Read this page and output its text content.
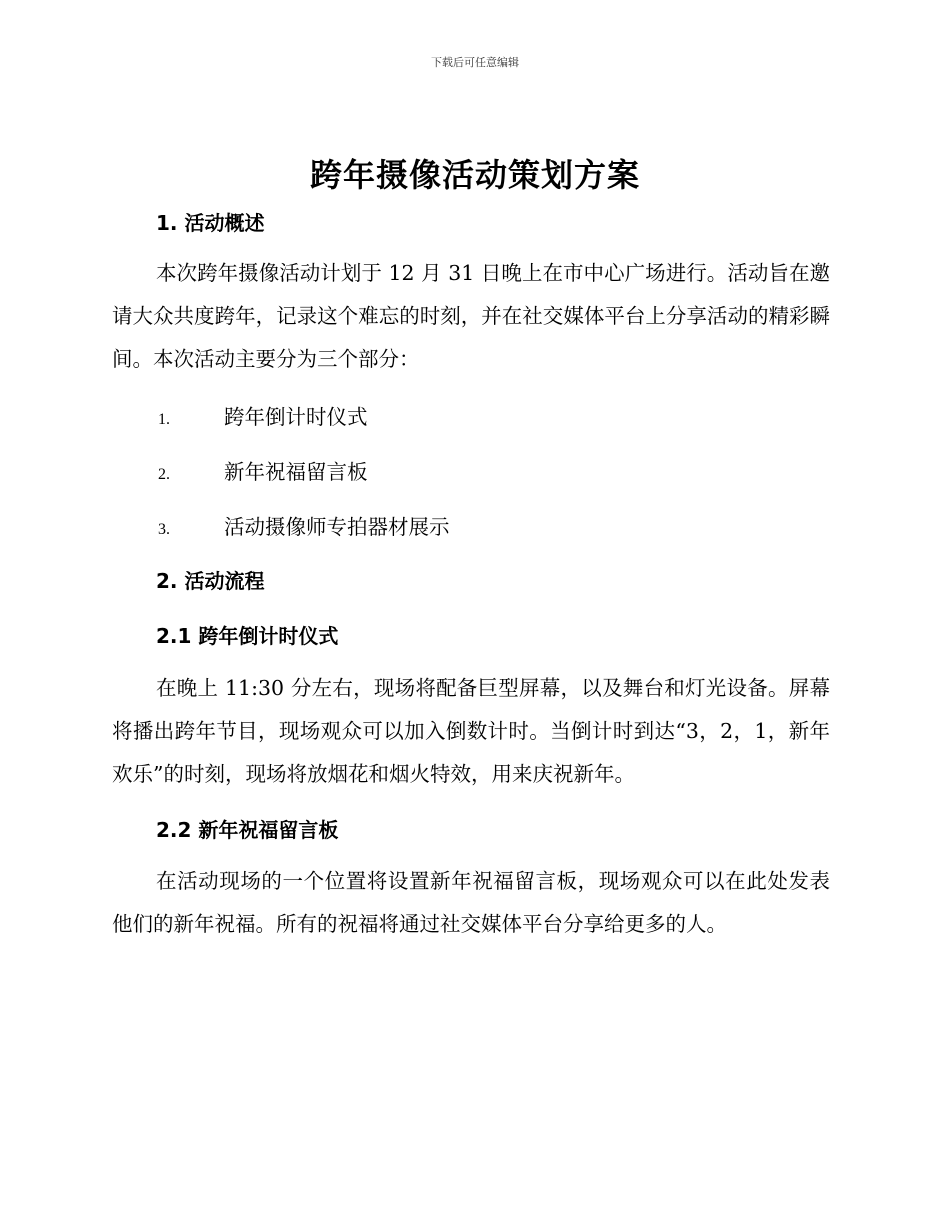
下载后可任意编辑
跨年摄像活动策划方案
1. 活动概述

本次跨年摄像活动计划于 12 月 31 日晚上在市中心广场进行。活动旨在邀请大众共度跨年，记录这个难忘的时刻，并在社交媒体平台上分享活动的精彩瞬间。本次活动主要分为三个部分：

1.	跨年倒计时仪式
2.	新年祝福留言板
3.	活动摄像师专拍器材展示
2. 活动流程
2.1 跨年倒计时仪式

在晚上 11:30 分左右，现场将配备巨型屏幕，以及舞台和灯光设备。屏幕将播出跨年节目，现场观众可以加入倒数计时。当倒计时到达“3，2，1，新年欢乐”的时刻，现场将放烟花和烟火特效，用来庆祝新年。

2.2 新年祝福留言板

在活动现场的一个位置将设置新年祝福留言板，现场观众可以在此处发表他们的新年祝福。所有的祝福将通过社交媒体平台分享给更多的人。
